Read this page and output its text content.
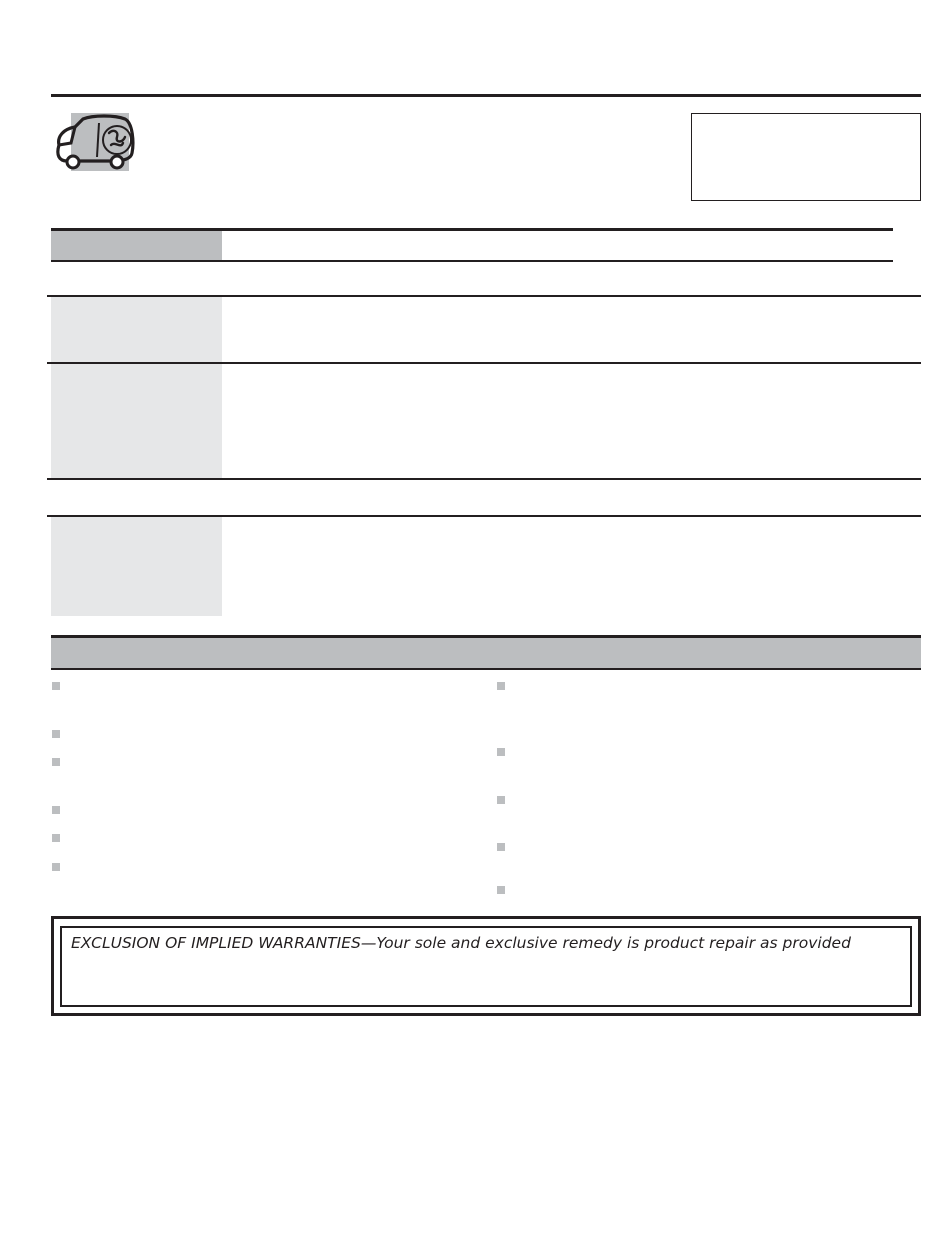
EXCLUSION OF IMPLIED WARRANTIES—Your sole and exclusive remedy is product repair as provided
